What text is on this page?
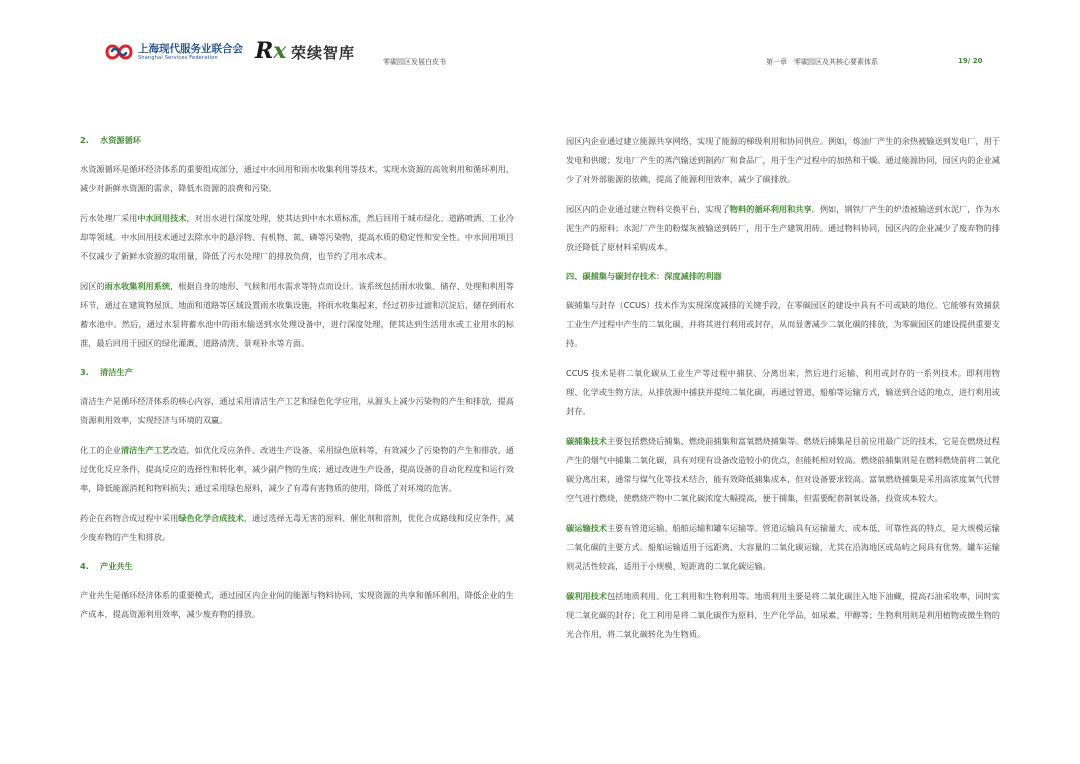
上海现代服务业联合会
Shanghai Services Federation Rx 荣续智库	零碳园区发展白皮书	第一章　零碳园区及其核心要素体系	19/ 20
2. 水资源循环

水资源循环是循环经济体系的重要组成部分，通过中水回用和雨水收集利用等技术，实现水资源的高效利用和循环利用，减少对新鲜水资源的需求，降低水资源的浪费和污染。

污水处理厂采用中水回用技术，对出水进行深度处理，使其达到中水水质标准，然后回用于城市绿化、道路喷洒、工业冷却等领域。中水回用技术通过去除水中的悬浮物、有机物、氮、磷等污染物，提高水质的稳定性和安全性。中水回用项目不仅减少了新鲜水资源的取用量，降低了污水处理厂的排放负荷，也节约了用水成本。

园区的雨水收集利用系统，根据自身的地形、气候和用水需求等特点而设计。该系统包括雨水收集、储存、处理和利用等环节，通过在建筑物屋顶、地面和道路等区域设置雨水收集设施，将雨水收集起来，经过初步过滤和沉淀后，储存到雨水蓄水池中。然后，通过水泵将蓄水池中的雨水输送到水处理设备中，进行深度处理，使其达到生活用水或工业用水的标准，最后回用于园区的绿化灌溉、道路清洗、景观补水等方面。

3. 清洁生产

清洁生产是循环经济体系的核心内容，通过采用清洁生产工艺和绿色化学应用，从源头上减少污染物的产生和排放，提高资源利用效率，实现经济与环境的双赢。

化工的企业清洁生产工艺改造，如优化反应条件、改进生产设备、采用绿色原料等，有效减少了污染物的产生和排放。通过优化反应条件，提高反应的选择性和转化率，减少副产物的生成；通过改进生产设备，提高设备的自动化程度和运行效率，降低能源消耗和物料损失；通过采用绿色原料，减少了有毒有害物质的使用，降低了对环境的危害。

药企在药物合成过程中采用绿色化学合成技术，通过选择无毒无害的原料、催化剂和溶剂，优化合成路线和反应条件，减少废弃物的产生和排放。

4. 产业共生

产业共生是循环经济体系的重要模式，通过园区内企业间的能源与物料协同，实现资源的共享和循环利用，降低企业的生产成本，提高资源利用效率，减少废弃物的排放。

园区内企业通过建立能源共享网络，实现了能源的梯级利用和协同供应。例如，炼油厂产生的余热被输送到发电厂，用于发电和供暖；发电厂产生的蒸汽输送到制药厂和食品厂，用于生产过程中的加热和干燥。通过能源协同，园区内的企业减少了对外部能源的依赖，提高了能源利用效率，减少了碳排放。

园区内的企业通过建立物料交换平台，实现了物料的循环利用和共享。例如，钢铁厂产生的炉渣被输送到水泥厂，作为水泥生产的原料；水泥厂产生的粉煤灰被输送到砖厂，用于生产建筑用砖。通过物料协同，园区内的企业减少了废弃物的排放还降低了原材料采购成本。

四、碳捕集与碳封存技术：深度减排的利器

碳捕集与封存（CCUS）技术作为实现深度减排的关键手段，在零碳园区的建设中具有不可或缺的地位。它能够有效捕获工业生产过程中产生的二氧化碳，并将其进行利用或封存，从而显著减少二氧化碳的排放，为零碳园区的建设提供重要支持。

CCUS 技术是将二氧化碳从工业生产等过程中捕获、分离出来，然后进行运输、利用或封存的一系列技术。即利用物理、化学或生物方法，从排放源中捕获并提纯二氧化碳，再通过管道、船舶等运输方式，输送到合适的地点，进行利用或封存。

碳捕集技术主要包括燃烧后捕集、燃烧前捕集和富氧燃烧捕集等。燃烧后捕集是目前应用最广泛的技术，它是在燃烧过程产生的烟气中捕集二氧化碳，具有对现有设备改造较小的优点，但能耗相对较高。燃烧前捕集则是在燃料燃烧前将二氧化碳分离出来，通常与煤气化等技术结合，能有效降低捕集成本，但对设备要求较高。富氧燃烧捕集是采用高浓度氧气代替空气进行燃烧，使燃烧产物中二氧化碳浓度大幅提高，便于捕集，但需要配套制氧设备，投资成本较大。

碳运输技术主要有管道运输、船舶运输和罐车运输等。管道运输具有运输量大、成本低、可靠性高的特点，是大规模运输二氧化碳的主要方式。船舶运输适用于远距离、大容量的二氧化碳运输，尤其在沿海地区或岛屿之间具有优势。罐车运输则灵活性较高，适用于小规模、短距离的二氧化碳运输。

碳利用技术包括地质利用、化工利用和生物利用等。地质利用主要是将二氧化碳注入地下油藏，提高石油采收率，同时实现二氧化碳的封存；化工利用是将二氧化碳作为原料，生产化学品，如尿素、甲醇等；生物利用则是利用植物或微生物的光合作用，将二氧化碳转化为生物质。
